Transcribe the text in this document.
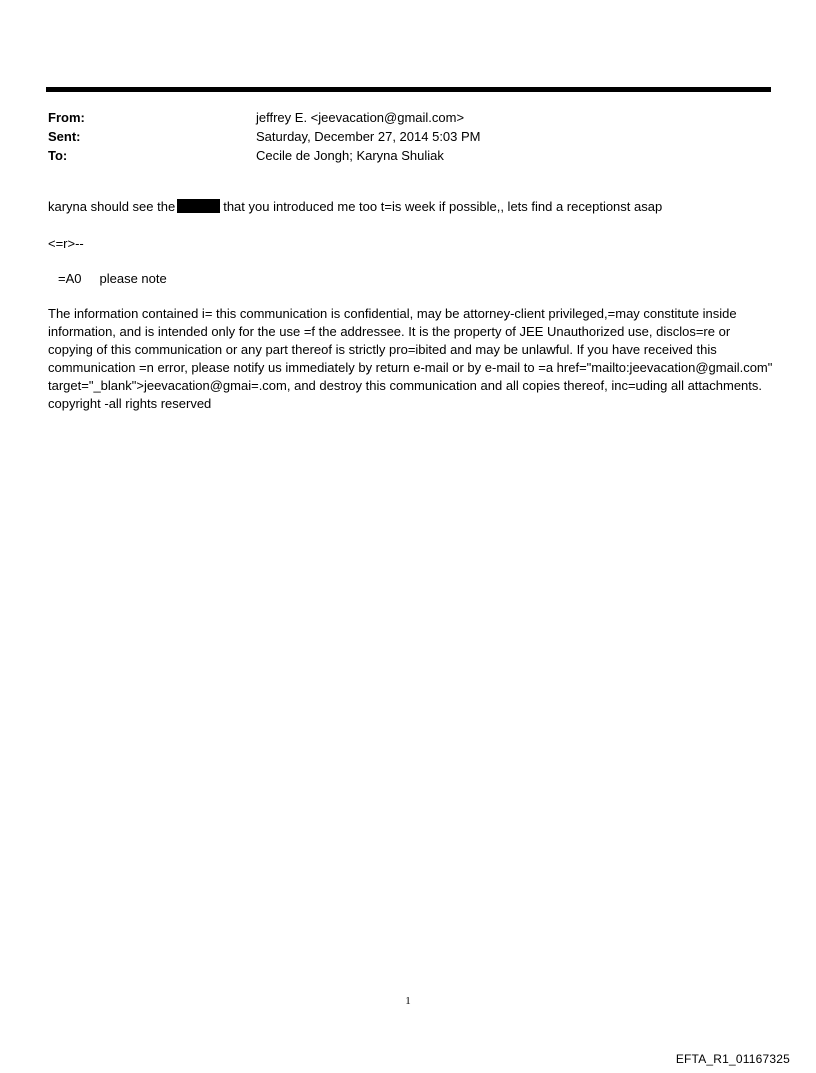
From:	jeffrey E. <jeevacation@gmail.com>
Sent:	Saturday, December 27, 2014 5:03 PM
To:	Cecile de Jongh; Karyna Shuliak
karyna should see the	that you introduced me too t=is week if possible,, lets find a receptionst asap
<=r>--
=A0 please note
The information contained i= this communication is confidential, may be attorney-client privileged,=may constitute inside information, and is intended only for the use =f the addressee. It is the property of JEE Unauthorized use, disclos=re or copying of this communication or any part thereof is strictly pro=ibited and may be unlawful. If you have received this communication =n error, please notify us immediately by return e-mail or by e-mail to =a href="mailto:jeevacation@gmail.com" target="_blank">jeevacation@gmai=.com, and destroy this communication and all copies thereof, inc=uding all attachments. copyright -all rights reserved
1
EFTA_R1_01167325
